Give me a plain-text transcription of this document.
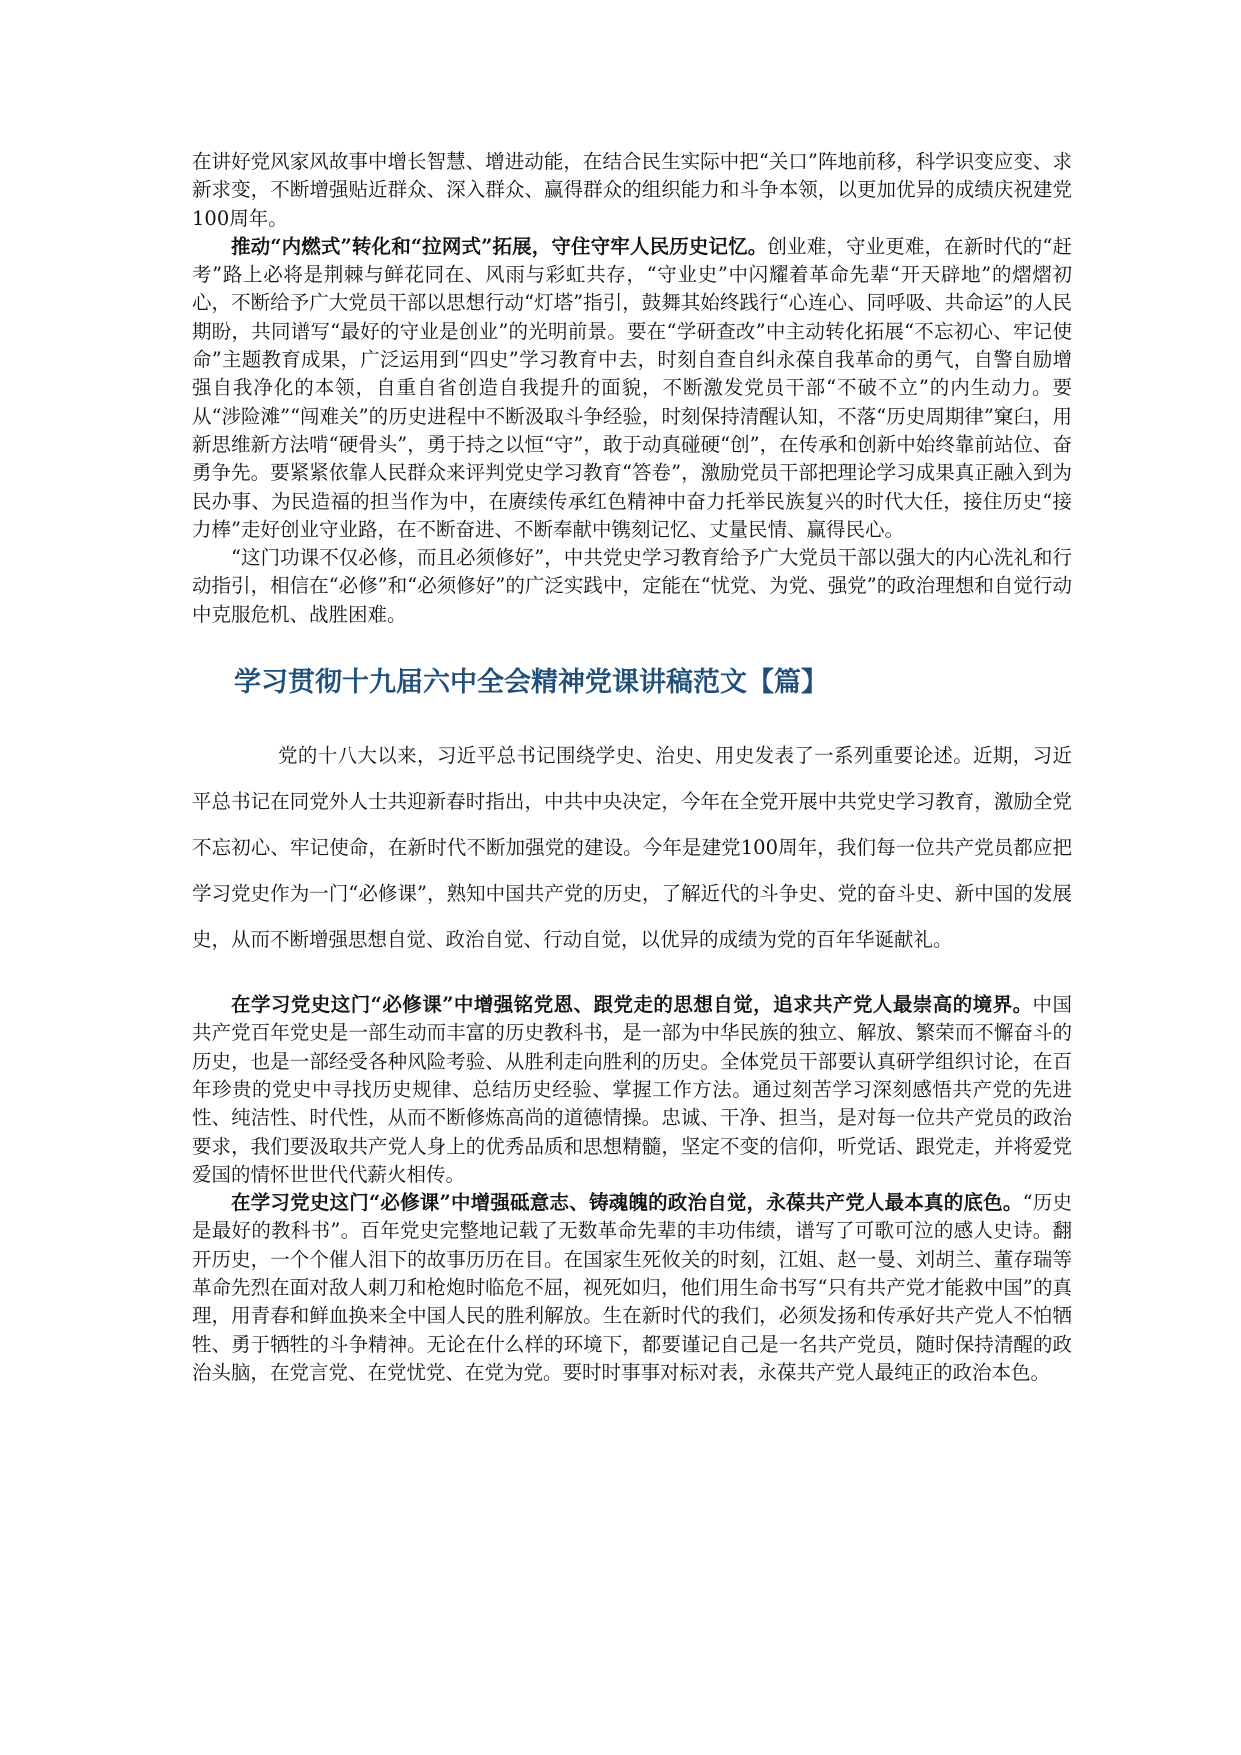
在讲好党风家风故事中增长智慧、增进动能，在结合民生实际中把“关口”阵地前移，科学识变应变、求新求变，不断增强贴近群众、深入群众、赢得群众的组织能力和斗争本领，以更加优异的成绩庆祝建党100周年。

推动“内燃式”转化和“拉网式”拓展，守住守牢人民历史记忆。创业难，守业更难，在新时代的“赶考”路上必将是荆棘与鲜花同在、风雨与彩虹共存，“守业史”中闪耀着革命先辈“开天辟地”的熠熠初心，不断给予广大党员干部以思想行动“灯塔”指引，鼓舞其始终践行“心连心、同呼吸、共命运”的人民期盼，共同谱写“最好的守业是创业”的光明前景。要在“学研查改”中主动转化拓展“不忘初心、牢记使命”主题教育成果，广泛运用到“四史”学习教育中去，时刻自查自纠永葆自我革命的勇气，自警自励增强自我净化的本领，自重自省创造自我提升的面貌，不断激发党员干部“不破不立”的内生动力。要从“涉险滩”“闯难关”的历史进程中不断汲取斗争经验，时刻保持清醒认知，不落“历史周期律”窠臼，用新思维新方法啃“硬骨头”，勇于持之以恒“守”，敢于动真碰硬“创”，在传承和创新中始终靠前站位、奋勇争先。要紧紧依靠人民群众来评判党史学习教育“答卷”，激励党员干部把理论学习成果真正融入到为民办事、为民造福的担当作为中，在赓续传承红色精神中奋力托举民族复兴的时代大任，接住历史“接力棒”走好创业守业路，在不断奋进、不断奉献中镌刻记忆、丈量民情、赢得民心。

“这门功课不仅必修，而且必须修好”，中共党史学习教育给予广大党员干部以强大的内心洗礼和行动指引，相信在“必修”和“必须修好”的广泛实践中，定能在“忧党、为党、强党”的政治理想和自觉行动中克服危机、战胜困难。

学习贯彻十九届六中全会精神党课讲稿范文【篇】

党的十八大以来，习近平总书记围绕学史、治史、用史发表了一系列重要论述。近期，习近平总书记在同党外人士共迎新春时指出，中共中央决定，今年在全党开展中共党史学习教育，激励全党不忘初心、牢记使命，在新时代不断加强党的建设。今年是建党100周年，我们每一位共产党员都应把学习党史作为一门“必修课”，熟知中国共产党的历史，了解近代的斗争史、党的奋斗史、新中国的发展史，从而不断增强思想自觉、政治自觉、行动自觉，以优异的成绩为党的百年华诞献礼。

在学习党史这门“必修课”中增强铭党恩、跟党走的思想自觉，追求共产党人最崇高的境界。中国共产党百年党史是一部生动而丰富的历史教科书，是一部为中华民族的独立、解放、繁荣而不懈奋斗的历史，也是一部经受各种风险考验、从胜利走向胜利的历史。全体党员干部要认真研学组织讨论，在百年珍贵的党史中寻找历史规律、总结历史经验、掌握工作方法。通过刻苦学习深刻感悟共产党的先进性、纯洁性、时代性，从而不断修炼高尚的道德情操。忠诚、干净、担当，是对每一位共产党员的政治要求，我们要汲取共产党人身上的优秀品质和思想精髓，坚定不变的信仰，听党话、跟党走，并将爱党爱国的情怀世世代代薪火相传。

在学习党史这门“必修课”中增强砥意志、铸魂魄的政治自觉，永葆共产党人最本真的底色。“历史是最好的教科书”。百年党史完整地记载了无数革命先辈的丰功伟绩，谱写了可歌可泣的感人史诗。翻开历史，一个个催人泪下的故事历历在目。在国家生死攸关的时刻，江姐、赵一曼、刘胡兰、董存瑞等革命先烈在面对敌人刺刀和枪炮时临危不屈，视死如归，他们用生命书写“只有共产党才能救中国”的真理，用青春和鲜血换来全中国人民的胜利解放。生在新时代的我们，必须发扬和传承好共产党人不怕牺牲、勇于牺牲的斗争精神。无论在什么样的环境下，都要谨记自己是一名共产党员，随时保持清醒的政治头脑，在党言党、在党忧党、在党为党。要时时事事对标对表，永葆共产党人最纯正的政治本色。
